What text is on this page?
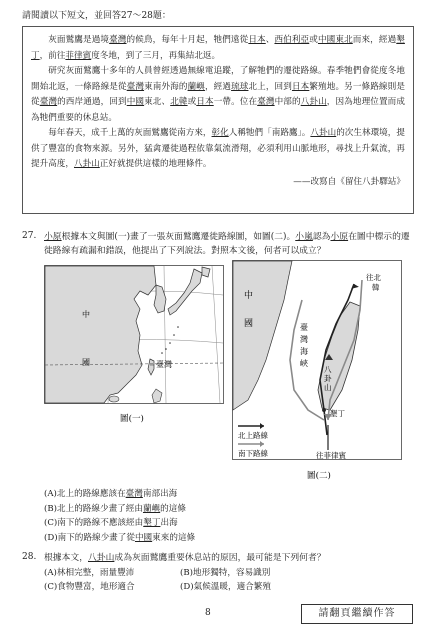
請閱讀以下短文，並回答27～28題：

灰面鷲鷹是過境臺灣的候鳥，每年十月起，牠們遠從日本、西伯利亞或中國東北而來，經過墾丁，前往菲律賓度冬地，到了三月，再集結北返。

研究灰面鷲鷹十多年的人員曾經透過無線電追蹤，了解牠們的遷徙路線。春季牠們會從度冬地開始北返，一條路線是從臺灣東南外海的蘭嶼，經過琉球北上，回到日本繁殖地。另一條路線則是從臺灣的西岸通過，回到中國東北、北韓或日本一帶。位在臺灣中部的八卦山，因為地理位置而成為牠們重要的休息站。

每年春天，成千上萬的灰面鷲鷹從南方來，彰化人稱牠們「南路鷹」。八卦山的次生林環境，提供了豐富的食物來源。另外，猛禽遷徙過程依靠氣流滑翔，必須利用山脈地形，尋找上升氣流，再提升高度，八卦山正好就提供這樣的地理條件。

——改寫自《留住八卦驛站》
27. 小原根據本文與圖(一)畫了一張灰面鷲鷹遷徙路線圖，如圖(二)。小嵐認為小原在圖中標示的遷徙路線有疏漏和錯誤，他提出了下列說法。對照本文後，何者可以成立？
中
國	臺灣
圖(一)
中
國	臺
灣
海
峽
往北
韓
八
卦
山
墾丁
往菲律賓
北上路線
南下路線
圖(二)
(A)北上的路線應該在臺灣南部出海
(B)北上的路線少畫了經由蘭嶼的這條
(C)南下的路線不應該經由墾丁出海
(D)南下的路線少畫了從中國東來的這條
28. 根據本文，八卦山成為灰面鷲鷹重要休息站的原因，最可能是下列何者？
(A)林相完整，雨量豐沛	(B)地形獨特，容易識別
(C)食物豐富，地形適合	(D)氣候溫暖，適合繁殖
8	請翻頁繼續作答
